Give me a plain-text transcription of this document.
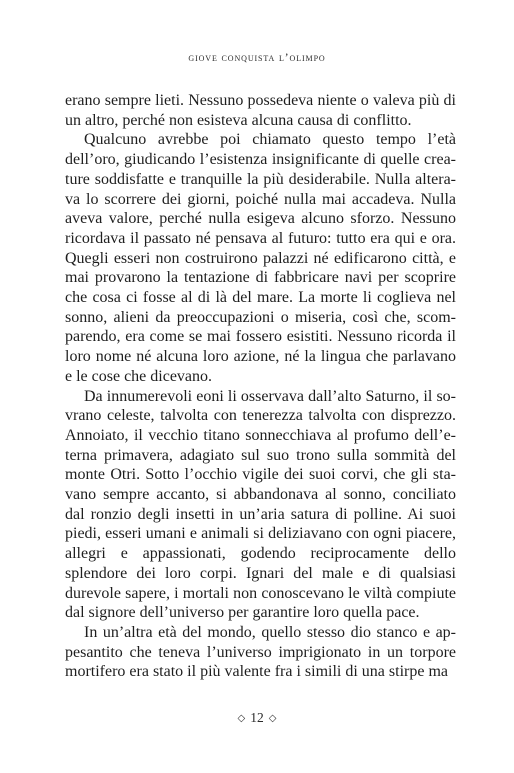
giove conquista l’olimpo

erano sempre lieti. Nessuno possedeva niente o valeva più di un altro, perché non esisteva alcuna causa di conflitto.

Qualcuno avrebbe poi chiamato questo tempo l’età dell’oro, giudicando l’esistenza insignificante di quelle creature soddisfatte e tranquille la più desiderabile. Nulla alterava lo scorrere dei giorni, poiché nulla mai accadeva. Nulla aveva valore, perché nulla esigeva alcuno sforzo. Nessuno ricordava il passato né pensava al futuro: tutto era qui e ora. Quegli esseri non costruirono palazzi né edificarono città, e mai provarono la tentazione di fabbricare navi per scoprire che cosa ci fosse al di là del mare. La morte li coglieva nel sonno, alieni da preoccupazioni o miseria, così che, scomparendo, era come se mai fossero esistiti. Nessuno ricorda il loro nome né alcuna loro azione, né la lingua che parlavano e le cose che dicevano.

Da innumerevoli eoni li osservava dall’alto Saturno, il sovrano celeste, talvolta con tenerezza talvolta con disprezzo. Annoiato, il vecchio titano sonnecchiava al profumo dell’eterna primavera, adagiato sul suo trono sulla sommità del monte Otri. Sotto l’occhio vigile dei suoi corvi, che gli stavano sempre accanto, si abbandonava al sonno, conciliato dal ronzio degli insetti in un’aria satura di polline. Ai suoi piedi, esseri umani e animali si deliziavano con ogni piacere, allegri e appassionati, godendo reciprocamente dello splendore dei loro corpi. Ignari del male e di qualsiasi durevole sapere, i mortali non conoscevano le viltà compiute dal signore dell’universo per garantire loro quella pace.

In un’altra età del mondo, quello stesso dio stanco e appesantito che teneva l’universo imprigionato in un torpore mortifero era stato il più valente fra i simili di una stirpe ma

◇ 12 ◇
